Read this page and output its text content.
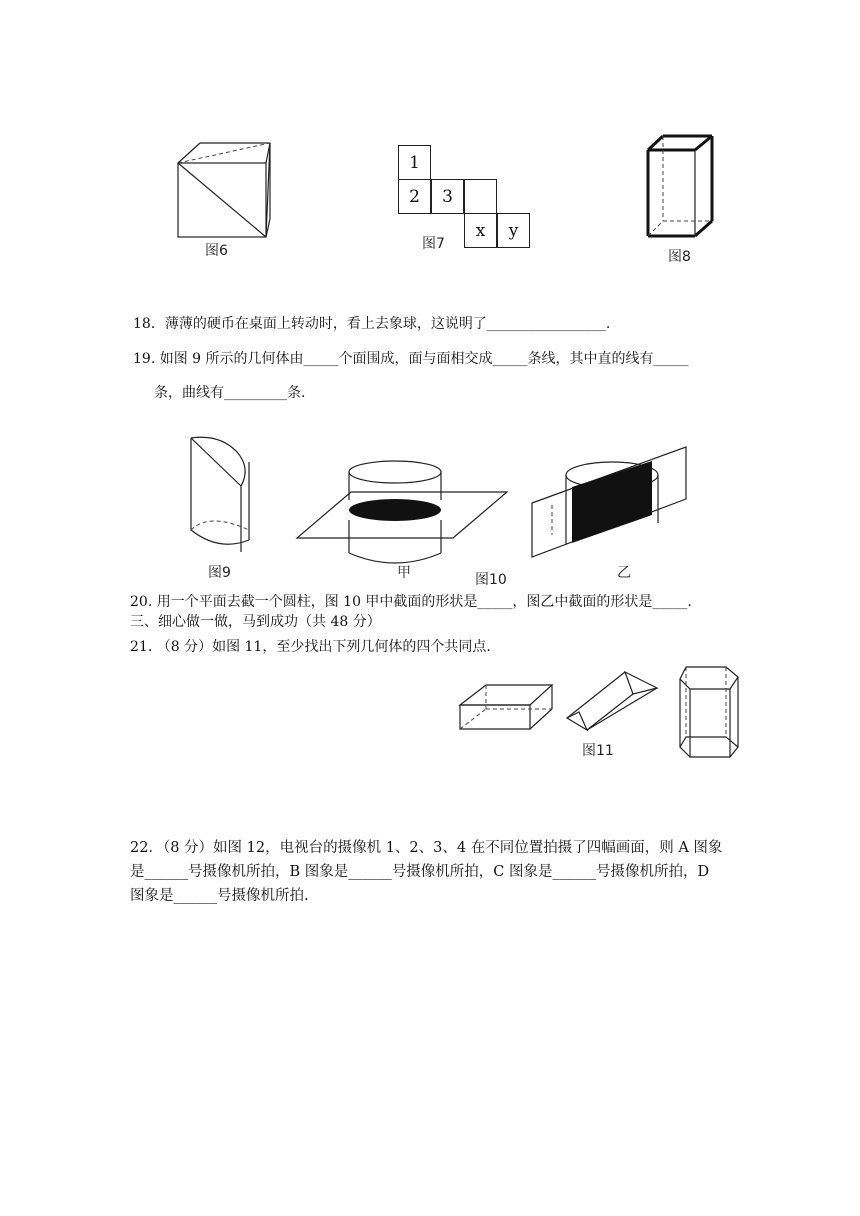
图6
1
2	3
x	y
图7
图8
18．薄薄的硬币在桌面上转动时，看上去象球，这说明了_________________.
19. 如图 9 所示的几何体由_____个面围成，面与面相交成_____条线，其中直的线有_____
条，曲线有_________条.
图9	甲	图10	乙
20. 用一个平面去截一个圆柱，图 10 甲中截面的形状是_____，图乙中截面的形状是_____.
三、细心做一做，马到成功（共 48 分）
21. （8 分）如图 11，至少找出下列几何体的四个共同点.
图11
22．（8 分）如图 12，电视台的摄像机 1、2、3、4 在不同位置拍摄了四幅画面，则 A 图象
是______号摄像机所拍，B 图象是______号摄像机所拍，C 图象是______号摄像机所拍，D
图象是______号摄像机所拍.
